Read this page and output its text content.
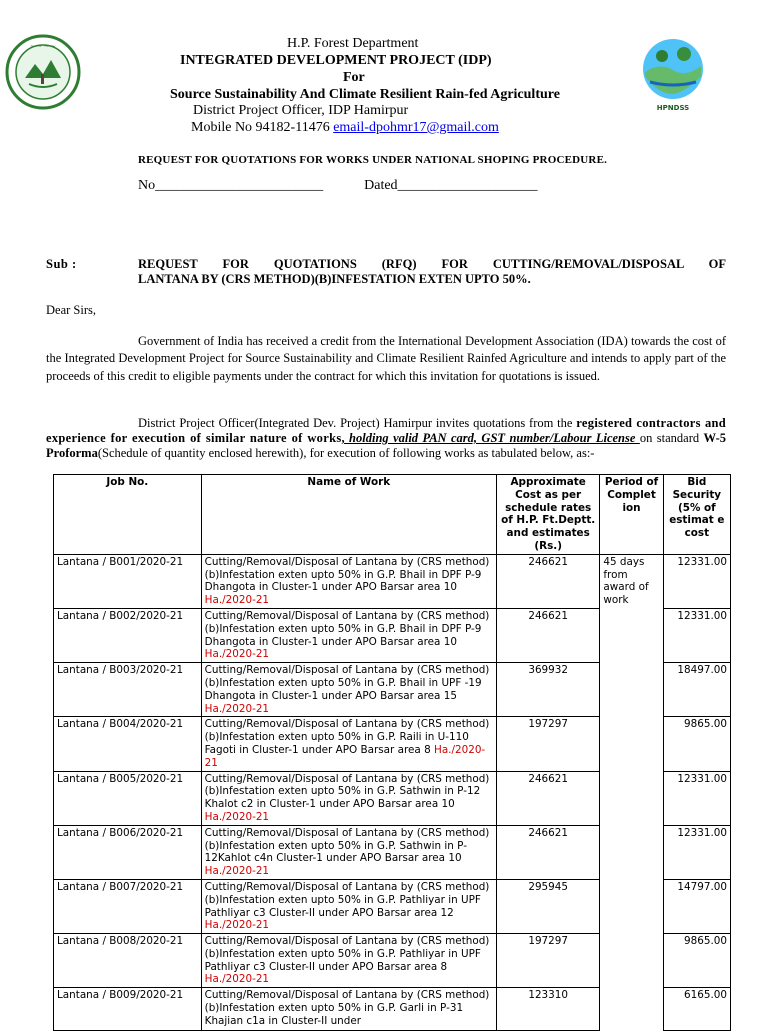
~ ~ ~ ~
HPNDSS
H.P. Forest Department
INTEGRATED DEVELOPMENT PROJECT (IDP)
For
Source Sustainability And Climate Resilient Rain-fed Agriculture
District Project Officer, IDP Hamirpur
Mobile No 94182-11476 email-dpohmr17@gmail.com
REQUEST FOR QUOTATIONS FOR WORKS UNDER NATIONAL SHOPING PROCEDURE.
No________________________	Dated____________________
Sub :	REQUEST FOR QUOTATIONS (RFQ) FOR CUTTING/REMOVAL/DISPOSAL OF
LANTANA BY (CRS METHOD)(B)INFESTATION EXTEN UPTO 50%.
Dear Sirs,
Government of India has received a credit from the International Development Association (IDA) towards the cost of the Integrated Development Project for Source Sustainability and Climate Resilient Rainfed Agriculture and intends to apply part of the proceeds of this credit to eligible payments under the contract for which this invitation for quotations is issued.
District Project Officer(Integrated Dev. Project) Hamirpur invites quotations from the registered contractors and experience for execution of similar nature of works, holding valid PAN card, GST number/Labour License on standard W-5 Proforma(Schedule of quantity enclosed herewith), for execution of following works as tabulated below, as:-
Job No.	Name of Work	Approximate Cost as per schedule rates of H.P. Ft.Deptt. and estimates (Rs.)	Period of Complet ion	Bid Security (5% of estimat e cost
Lantana / B001/2020-21	Cutting/Removal/Disposal of Lantana by (CRS method)(b)Infestation exten upto 50% in G.P. Bhail in DPF P-9 Dhangota in Cluster-1 under APO Barsar area 10 Ha./2020-21	246621	45 days from award of work	12331.00
Lantana / B002/2020-21	Cutting/Removal/Disposal of Lantana by (CRS method)(b)Infestation exten upto 50% in G.P. Bhail in DPF P-9 Dhangota in Cluster-1 under APO Barsar area 10 Ha./2020-21	246621		12331.00
Lantana / B003/2020-21	Cutting/Removal/Disposal of Lantana by (CRS method)(b)Infestation exten upto 50% in G.P. Bhail in UPF -19 Dhangota in Cluster-1 under APO Barsar area 15 Ha./2020-21	369932		18497.00
Lantana / B004/2020-21	Cutting/Removal/Disposal of Lantana by (CRS method)(b)Infestation exten upto 50% in G.P. Raili in U-110 Fagoti in Cluster-1 under APO Barsar area 8 Ha./2020-21	197297		9865.00
Lantana / B005/2020-21	Cutting/Removal/Disposal of Lantana by (CRS method)(b)Infestation exten upto 50% in G.P. Sathwin in P-12 Khalot c2 in Cluster-1 under APO Barsar area 10 Ha./2020-21	246621		12331.00
Lantana / B006/2020-21	Cutting/Removal/Disposal of Lantana by (CRS method)(b)Infestation exten upto 50% in G.P. Sathwin in P-12Kahlot c4n Cluster-1 under APO Barsar area 10 Ha./2020-21	246621		12331.00
Lantana / B007/2020-21	Cutting/Removal/Disposal of Lantana by (CRS method)(b)Infestation exten upto 50% in G.P. Pathliyar in UPF Pathliyar c3 Cluster-II under APO Barsar area 12 Ha./2020-21	295945		14797.00
Lantana / B008/2020-21	Cutting/Removal/Disposal of Lantana by (CRS method)(b)Infestation exten upto 50% in G.P. Pathliyar in UPF Pathliyar c3 Cluster-II under APO Barsar area 8 Ha./2020-21	197297		9865.00
Lantana / B009/2020-21	Cutting/Removal/Disposal of Lantana by (CRS method)(b)Infestation exten upto 50% in G.P. Garli in P-31 Khajian c1a in Cluster-II under	123310		6165.00
